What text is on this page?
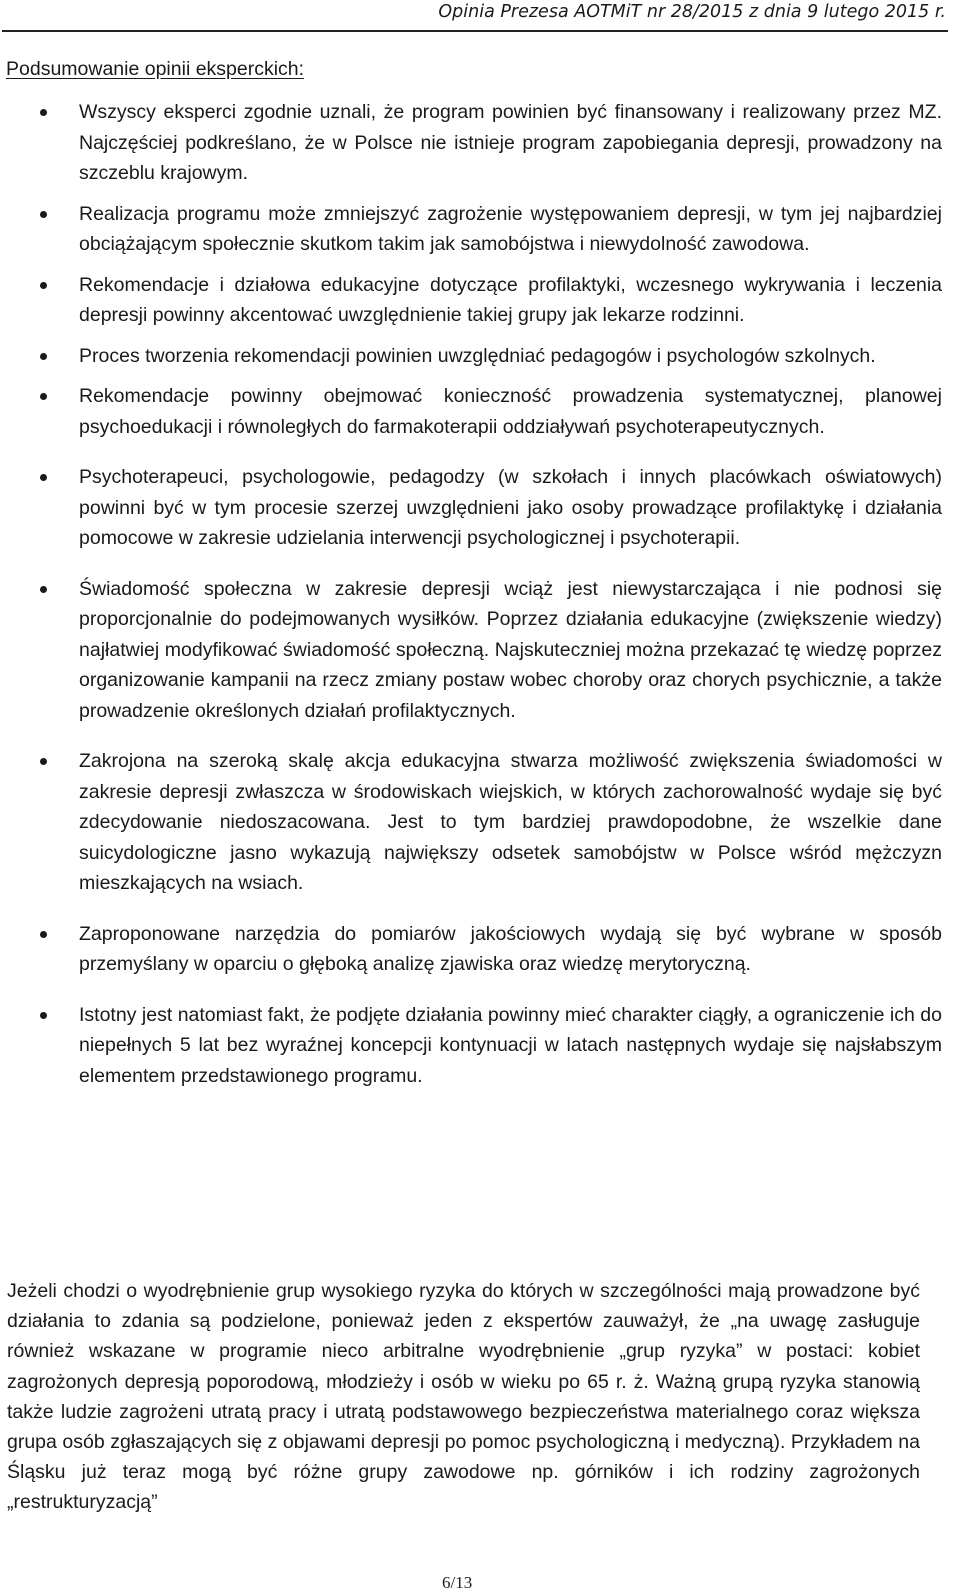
Opinia Prezesa AOTMiT nr 28/2015 z dnia 9 lutego 2015 r.
Podsumowanie opinii eksperckich:
Wszyscy eksperci zgodnie uznali, że program powinien być finansowany i realizowany przez MZ. Najczęściej podkreślano, że w Polsce nie istnieje program zapobiegania depresji, prowadzony na szczeblu krajowym.
Realizacja programu może zmniejszyć zagrożenie występowaniem depresji, w tym jej najbardziej obciążającym społecznie skutkom takim jak samobójstwa i niewydolność zawodowa.
Rekomendacje i działowa edukacyjne dotyczące profilaktyki, wczesnego wykrywania i leczenia depresji powinny akcentować uwzględnienie takiej grupy jak lekarze rodzinni.
Proces tworzenia rekomendacji powinien uwzględniać pedagogów i psychologów szkolnych.
Rekomendacje powinny obejmować konieczność prowadzenia systematycznej, planowej psychoedukacji i równoległych do farmakoterapii oddziaływań psychoterapeutycznych.
Psychoterapeuci, psychologowie, pedagodzy (w szkołach i innych placówkach oświatowych) powinni być w tym procesie szerzej uwzględnieni jako osoby prowadzące profilaktykę i działania pomocowe w zakresie udzielania interwencji psychologicznej i psychoterapii.
Świadomość społeczna w zakresie depresji wciąż jest niewystarczająca i nie podnosi się proporcjonalnie do podejmowanych wysiłków. Poprzez działania edukacyjne (zwiększenie wiedzy) najłatwiej modyfikować świadomość społeczną. Najskuteczniej można przekazać tę wiedzę poprzez organizowanie kampanii na rzecz zmiany postaw wobec choroby oraz chorych psychicznie, a także prowadzenie określonych działań profilaktycznych.
Zakrojona na szeroką skalę akcja edukacyjna stwarza możliwość zwiększenia świadomości w zakresie depresji zwłaszcza w środowiskach wiejskich, w których zachorowalność wydaje się być zdecydowanie niedoszacowana. Jest to tym bardziej prawdopodobne, że wszelkie dane suicydologiczne jasno wykazują największy odsetek samobójstw w Polsce wśród mężczyzn mieszkających na wsiach.
Zaproponowane narzędzia do pomiarów jakościowych wydają się być wybrane w sposób przemyślany w oparciu o głęboką analizę zjawiska oraz wiedzę merytoryczną.
Istotny jest natomiast fakt, że podjęte działania powinny mieć charakter ciągły, a ograniczenie ich do niepełnych 5 lat bez wyraźnej koncepcji kontynuacji w latach następnych wydaje się najsłabszym elementem przedstawionego programu.

Jeżeli chodzi o wyodrębnienie grup wysokiego ryzyka do których w szczególności mają prowadzone być działania to zdania są podzielone, ponieważ jeden z ekspertów zauważył, że „na uwagę zasługuje również wskazane w programie nieco arbitralne wyodrębnienie „grup ryzyka” w postaci: kobiet zagrożonych depresją poporodową, młodzieży i osób w wieku po 65 r. ż. Ważną grupą ryzyka stanowią także ludzie zagrożeni utratą pracy i utratą podstawowego bezpieczeństwa materialnego coraz większa grupa osób zgłaszających się z objawami depresji po pomoc psychologiczną i medyczną). Przykładem na Śląsku już teraz mogą być różne grupy zawodowe np. górników i ich rodziny zagrożonych „restrukturyzacją”

6/13
